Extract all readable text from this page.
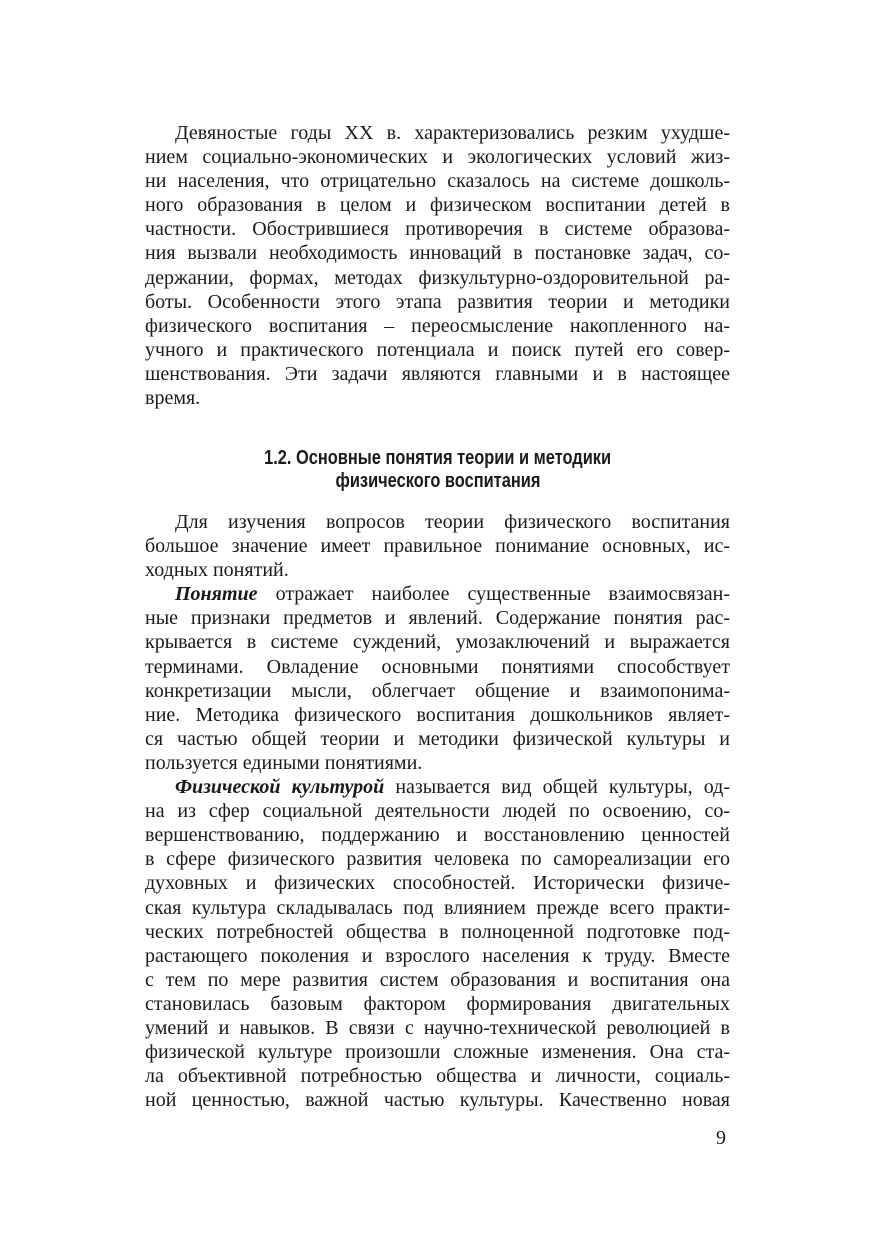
Девяностые годы XX в. характеризовались резким ухудше-
нием социально-экономических и экологических условий жиз-
ни населения, что отрицательно сказалось на системе дошколь-
ного образования в целом и физическом воспитании детей в
частности. Обострившиеся противоречия в системе образова-
ния вызвали необходимость инноваций в постановке задач, со-
держании, формах, методах физкультурно-оздоровительной ра-
боты. Особенности этого этапа развития теории и методики
физического воспитания – переосмысление накопленного на-
учного и практического потенциала и поиск путей его совер-
шенствования. Эти задачи являются главными и в настоящее
время.
1.2. Основные понятия теории и методики
физического воспитания
Для изучения вопросов теории физического воспитания
большое значение имеет правильное понимание основных, ис-
ходных понятий.
Понятие отражает наиболее существенные взаимосвязан-
ные признаки предметов и явлений. Содержание понятия рас-
крывается в системе суждений, умозаключений и выражается
терминами. Овладение основными понятиями способствует
конкретизации мысли, облегчает общение и взаимопонима-
ние. Методика физического воспитания дошкольников являет-
ся частью общей теории и методики физической культуры и
пользуется едиными понятиями.
Физической культурой называется вид общей культуры, од-
на из сфер социальной деятельности людей по освоению, со-
вершенствованию, поддержанию и восстановлению ценностей
в сфере физического развития человека по самореализации его
духовных и физических способностей. Исторически физиче-
ская культура складывалась под влиянием прежде всего практи-
ческих потребностей общества в полноценной подготовке под-
растающего поколения и взрослого населения к труду. Вместе
с тем по мере развития систем образования и воспитания она
становилась базовым фактором формирования двигательных
умений и навыков. В связи с научно-технической революцией в
физической культуре произошли сложные изменения. Она ста-
ла объективной потребностью общества и личности, социаль-
ной ценностью, важной частью культуры. Качественно новая
9
